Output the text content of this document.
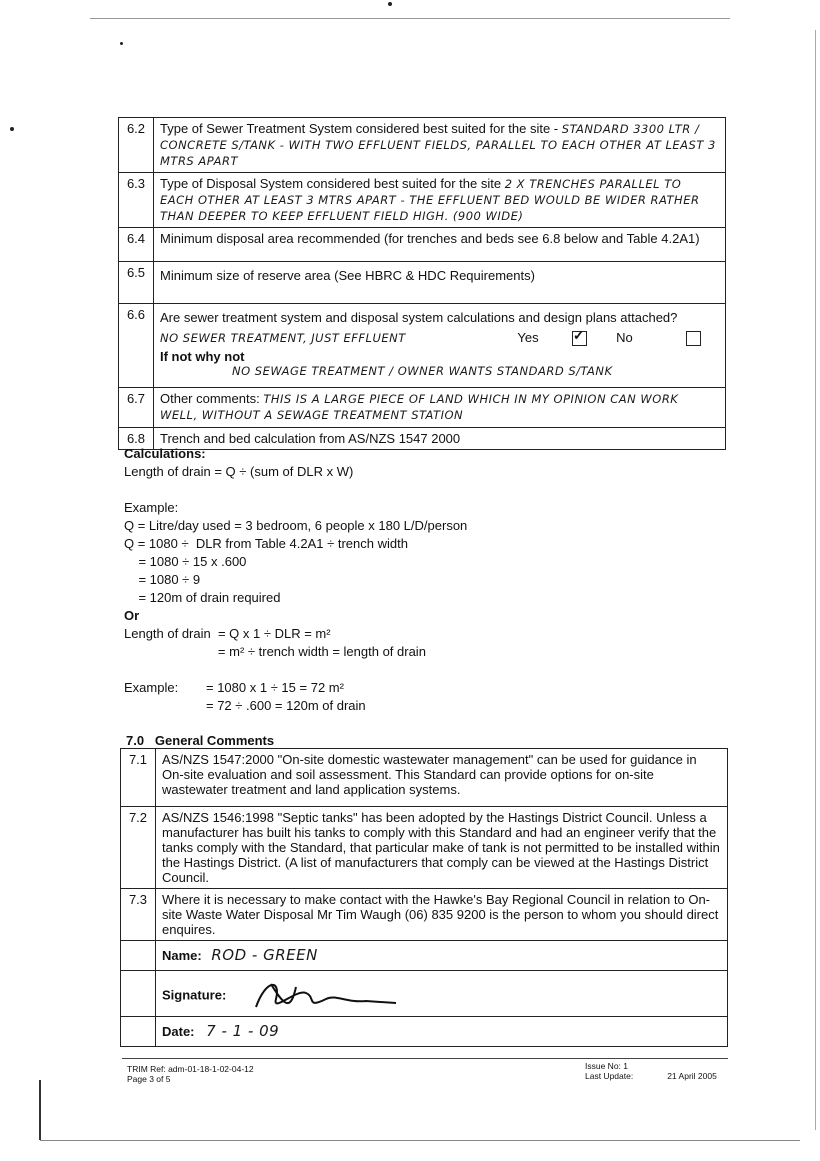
6.2	Type of Sewer Treatment System considered best suited for the site - STANDARD 3300 LTR / CONCRETE S/TANK - WITH TWO EFFLUENT FIELDS, PARALLEL TO EACH OTHER AT LEAST 3 MTRS APART
6.3	Type of Disposal System considered best suited for the site 2 X TRENCHES PARALLEL TO EACH OTHER AT LEAST 3 MTRS APART - THE EFFLUENT BED WOULD BE WIDER RATHER THAN DEEPER TO KEEP EFFLUENT FIELD HIGH. (900 WIDE)
6.4	Minimum disposal area recommended (for trenches and beds see 6.8 below and Table 4.2A1)
6.5	Minimum size of reserve area (See HBRC & HDC Requirements)
6.6	Are sewer treatment system and disposal system calculations and design plans attached?
NO SEWER TREATMENT, JUST EFFLUENT Yes ✓ No
If not why not
NO SEWAGE TREATMENT / OWNER WANTS STANDARD S/TANK

6.7	Other comments: THIS IS A LARGE PIECE OF LAND WHICH IN MY OPINION CAN WORK WELL, WITHOUT A SEWAGE TREATMENT STATION
6.8	Trench and bed calculation from AS/NZS 1547 2000

Calculations:

Length of drain = Q ÷ (sum of DLR x W)

Example:

Q = Litre/day used = 3 bedroom, 6 people x 180 L/D/person

Q = 1080 ÷  DLR from Table 4.2A1 ÷ trench width

= 1080 ÷ 15 x .600

= 1080 ÷ 9

= 120m of drain required

Or

Length of drain  = Q x 1 ÷ DLR = m²

= m² ÷ trench width = length of drain

Example: = 1080 x 1 ÷ 15 = 72 m²

= 72 ÷ .600 = 120m of drain

7.0   General Comments
7.1	AS/NZS 1547:2000 "On-site domestic wastewater management" can be used for guidance in On-site evaluation and soil assessment. This Standard can provide options for on-site wastewater treatment and land application systems.
7.2	AS/NZS 1546:1998 "Septic tanks" has been adopted by the Hastings District Council. Unless a manufacturer has built his tanks to comply with this Standard and had an engineer verify that the tanks comply with the Standard, that particular make of tank is not permitted to be installed within the Hastings District. (A list of manufacturers that comply can be viewed at the Hastings District Council.
7.3	Where it is necessary to make contact with the Hawke's Bay Regional Council in relation to On-site Waste Water Disposal Mr Tim Waugh (06) 835 9200 is the person to whom you should direct enquires.
	Name: ROD - GREEN
	Signature:
	Date: 7 - 1 - 09
TRIM Ref: adm-01-18-1-02-04-12
Page 3 of 5
Issue No: 1
Last Update:	21 April 2005
